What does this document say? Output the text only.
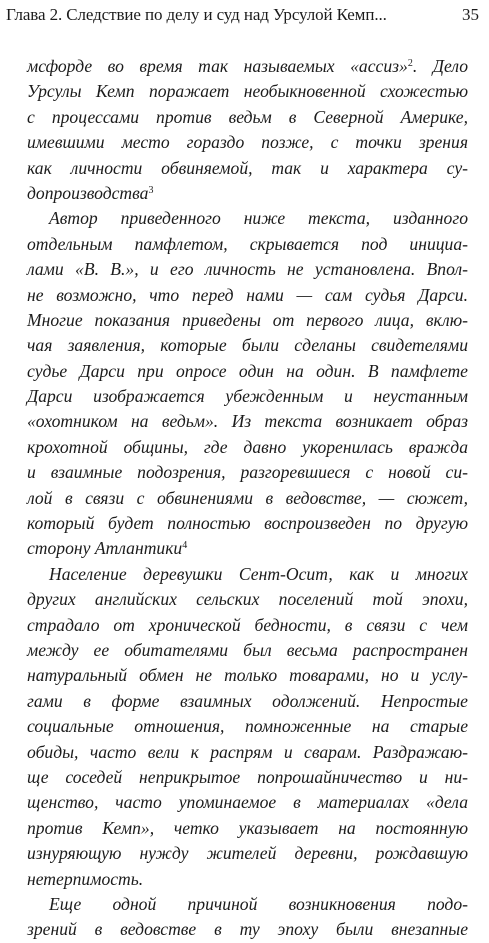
Глава 2. Следствие по делу и суд над Урсулой Кемп...	35
мсфорде во время так называемых «ассиз»$^2$. Дело
Урсулы Кемп поражает необыкновенной схожестью
с процессами против ведьм в Северной Америке,
имевшими место гораздо позже, с точки зрения
как личности обвиняемой, так и характера су-
допроизводства$^3$
Автор приведенного ниже текста, изданного
отдельным памфлетом, скрывается под инициа-
лами «В. В.», и его личность не установлена. Впол-
не возможно, что перед нами — сам судья Дарси.
Многие показания приведены от первого лица, вклю-
чая заявления, которые были сделаны свидетелями
судье Дарси при опросе один на один. В памфлете
Дарси изображается убежденным и неустанным
«охотником на ведьм». Из текста возникает образ
крохотной общины, где давно укоренилась вражда
и взаимные подозрения, разгоревшиеся с новой си-
лой в связи с обвинениями в ведовстве, — сюжет,
который будет полностью воспроизведен по другую
сторону Атлантики$^4$
Население деревушки Сент-Осит, как и многих
других английских сельских поселений той эпохи,
страдало от хронической бедности, в связи с чем
между ее обитателями был весьма распространен
натуральный обмен не только товарами, но и услу-
гами в форме взаимных одолжений. Непростые
социальные отношения, помноженные на старые
обиды, часто вели к распрям и сварам. Раздражаю-
ще соседей неприкрытое попрошайничество и ни-
щенство, часто упоминаемое в материалах «дела
против Кемп», четко указывает на постоянную
изнуряющую нужду жителей деревни, рождавшую
нетерпимость.
Еще одной причиной возникновения подо-
зрений в ведовстве в ту эпоху были внезапные
